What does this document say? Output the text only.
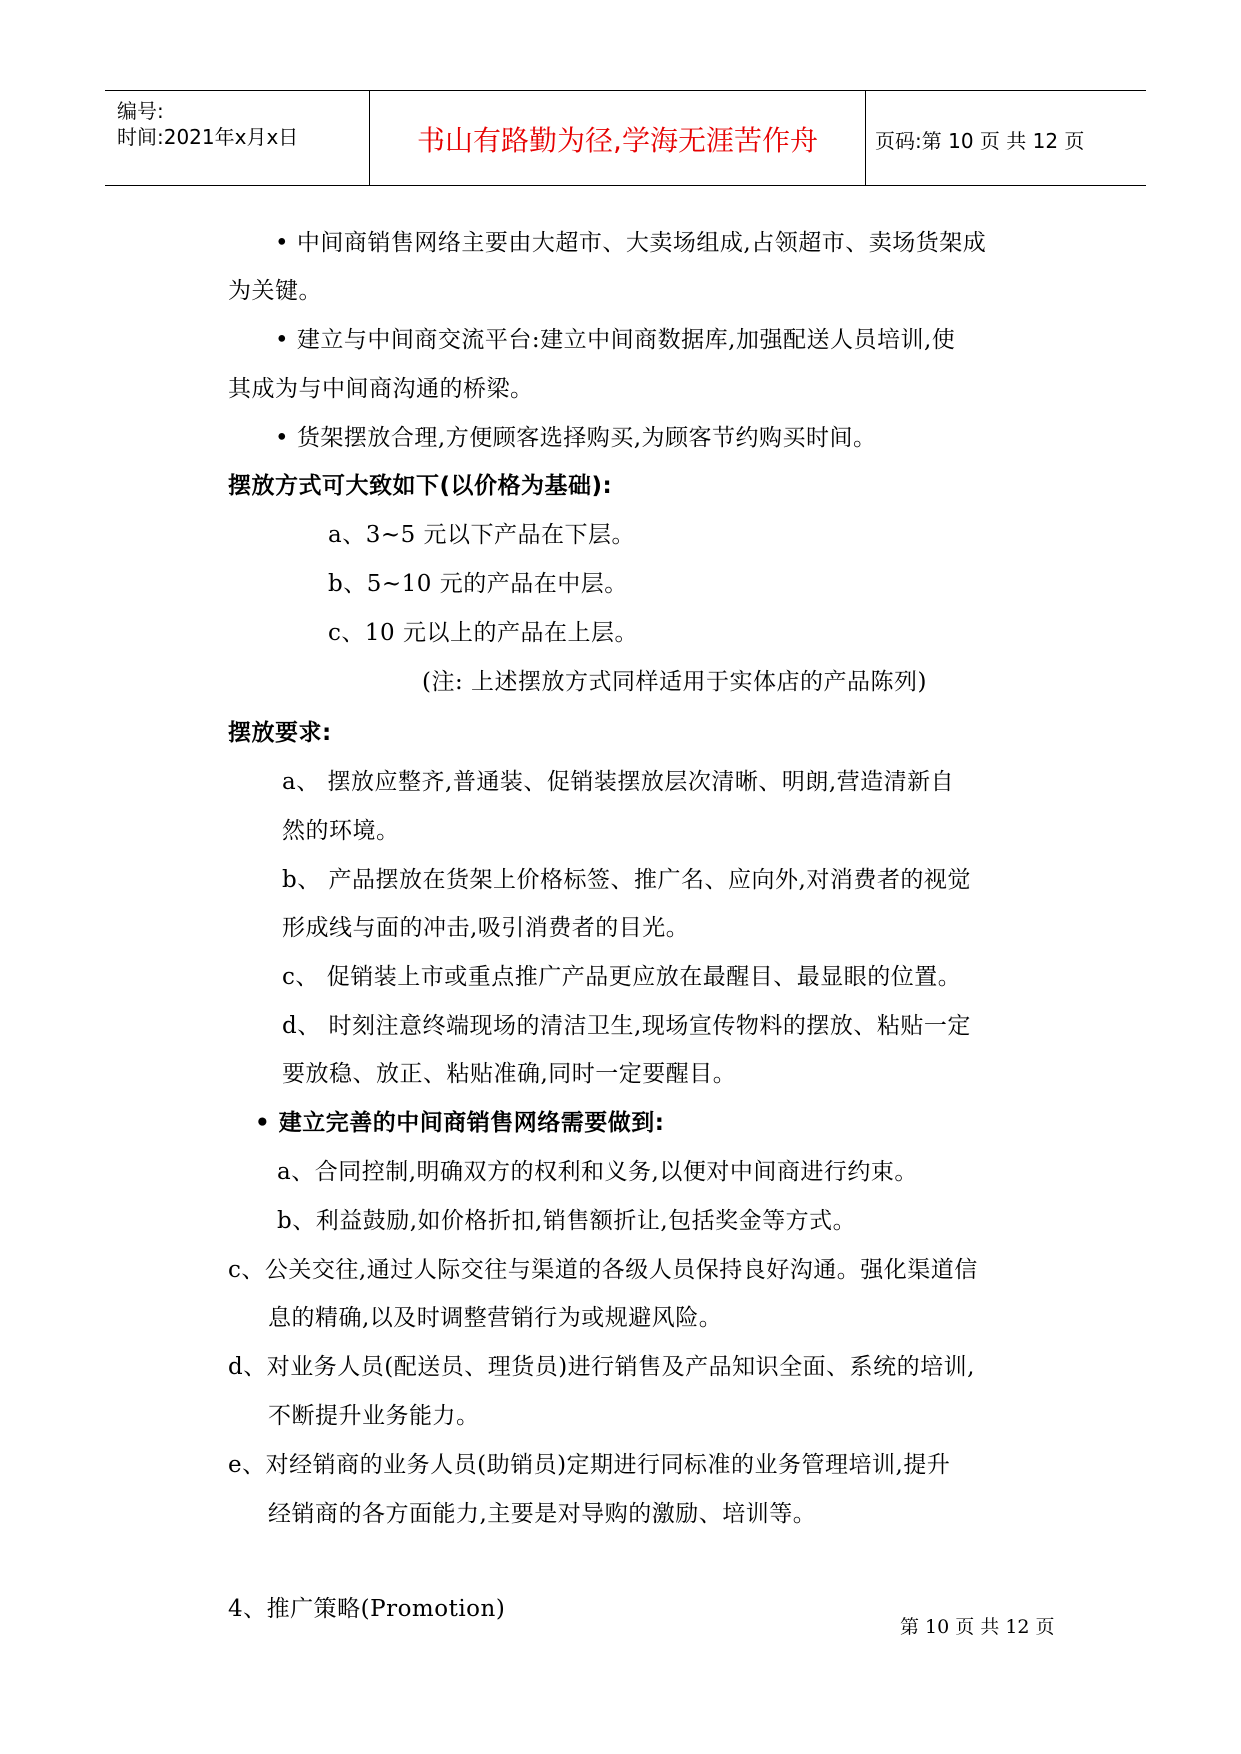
编号:
时间:2021年x月x日	书山有路勤为径,学海无涯苦作舟	页码:第 10 页 共 12 页
• 中间商销售网络主要由大超市、大卖场组成,占领超市、卖场货架成
为关键。
• 建立与中间商交流平台:建立中间商数据库,加强配送人员培训,使
其成为与中间商沟通的桥梁。
• 货架摆放合理,方便顾客选择购买,为顾客节约购买时间。
摆放方式可大致如下(以价格为基础):
a、3~5 元以下产品在下层。
b、5~10 元的产品在中层。
c、10 元以上的产品在上层。
(注: 上述摆放方式同样适用于实体店的产品陈列)
摆放要求:
a、 摆放应整齐,普通装、促销装摆放层次清晰、明朗,营造清新自
然的环境。
b、 产品摆放在货架上价格标签、推广名、应向外,对消费者的视觉
形成线与面的冲击,吸引消费者的目光。
c、 促销装上市或重点推广产品更应放在最醒目、最显眼的位置。
d、 时刻注意终端现场的清洁卫生,现场宣传物料的摆放、粘贴一定
要放稳、放正、粘贴准确,同时一定要醒目。
• 建立完善的中间商销售网络需要做到:
a、合同控制,明确双方的权利和义务,以便对中间商进行约束。
b、利益鼓励,如价格折扣,销售额折让,包括奖金等方式。
c、公关交往,通过人际交往与渠道的各级人员保持良好沟通。强化渠道信
息的精确,以及时调整营销行为或规避风险。
d、对业务人员(配送员、理货员)进行销售及产品知识全面、系统的培训,
不断提升业务能力。
e、对经销商的业务人员(助销员)定期进行同标准的业务管理培训,提升
经销商的各方面能力,主要是对导购的激励、培训等。
4、推广策略(Promotion)
第 10 页 共 12 页
